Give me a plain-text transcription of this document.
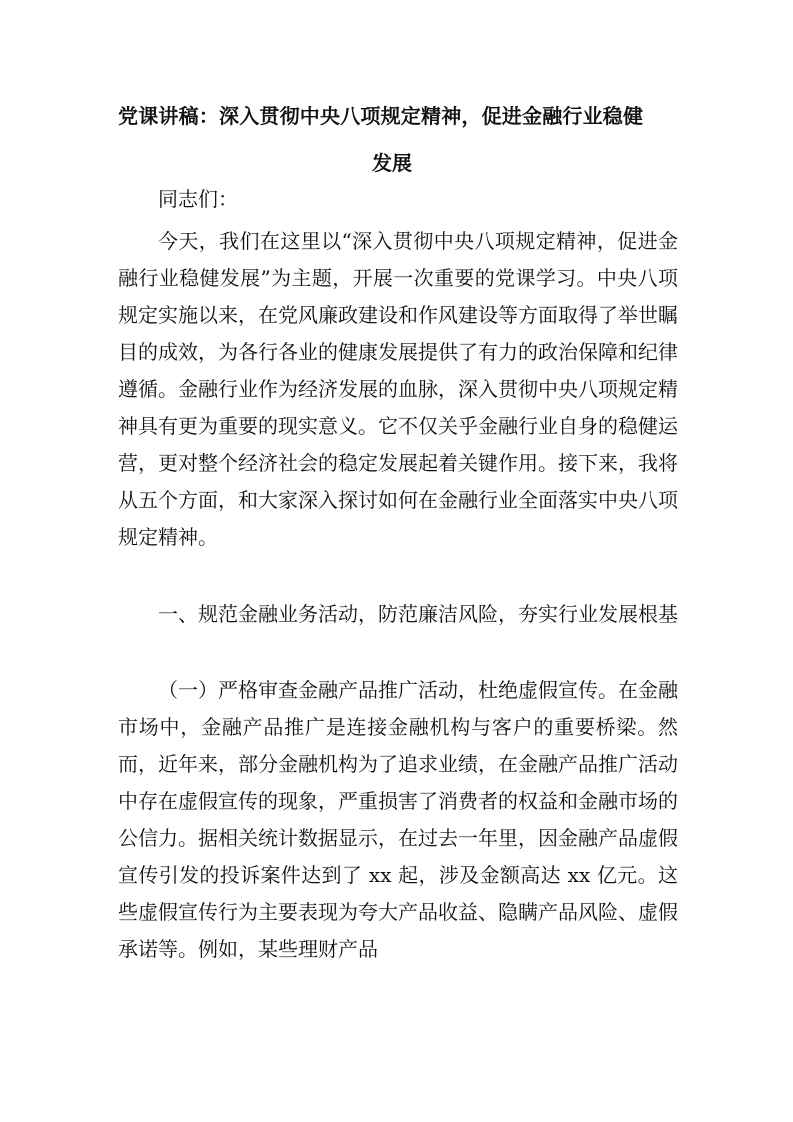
党课讲稿：深入贯彻中央八项规定精神，促进金融行业稳健
发展

同志们：

今天，我们在这里以“深入贯彻中央八项规定精神，促进金融行业稳健发展”为主题，开展一次重要的党课学习。中央八项规定实施以来，在党风廉政建设和作风建设等方面取得了举世瞩目的成效，为各行各业的健康发展提供了有力的政治保障和纪律遵循。金融行业作为经济发展的血脉，深入贯彻中央八项规定精神具有更为重要的现实意义。它不仅关乎金融行业自身的稳健运营，更对整个经济社会的稳定发展起着关键作用。接下来，我将从五个方面，和大家深入探讨如何在金融行业全面落实中央八项规定精神。

一、规范金融业务活动，防范廉洁风险，夯实行业发展根基

（一）严格审查金融产品推广活动，杜绝虚假宣传。在金融市场中，金融产品推广是连接金融机构与客户的重要桥梁。然而，近年来，部分金融机构为了追求业绩，在金融产品推广活动中存在虚假宣传的现象，严重损害了消费者的权益和金融市场的公信力。据相关统计数据显示，在过去一年里，因金融产品虚假宣传引发的投诉案件达到了 xx 起，涉及金额高达 xx 亿元。这些虚假宣传行为主要表现为夸大产品收益、隐瞒产品风险、虚假承诺等。例如，某些理财产品
